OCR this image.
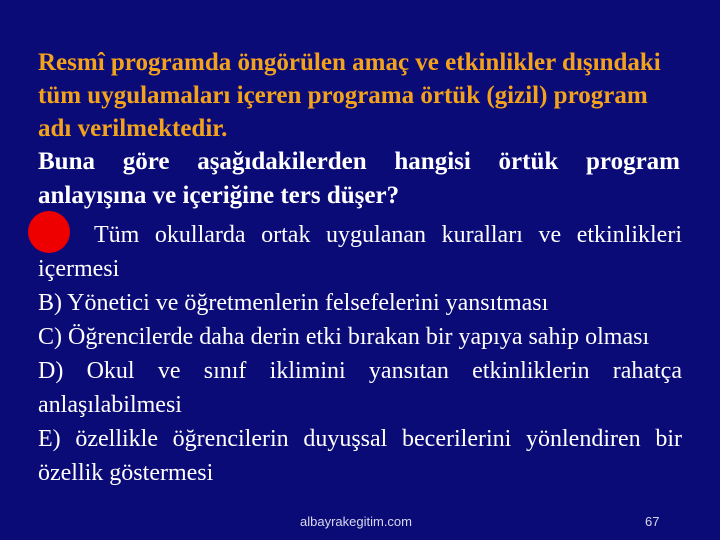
Resmî programda öngörülen amaç ve etkinlikler dışındaki tüm uygulamaları içeren programa örtük (gizil) program adı verilmektedir.
Buna göre aşağıdakilerden hangisi örtük program anlayışına ve içeriğine ters düşer?

Tüm okullarda ortak uygulanan kuralları ve etkinlikleri içermesi

B) Yönetici ve öğretmenlerin felsefelerini yansıtması

C) Öğrencilerde daha derin etki bırakan bir yapıya sahip olması

D) Okul ve sınıf iklimini yansıtan etkinliklerin rahatça anlaşılabilmesi

E) özellikle öğrencilerin duyuşsal becerilerini yönlendiren bir özellik göstermesi

albayrakegitim.com	67
